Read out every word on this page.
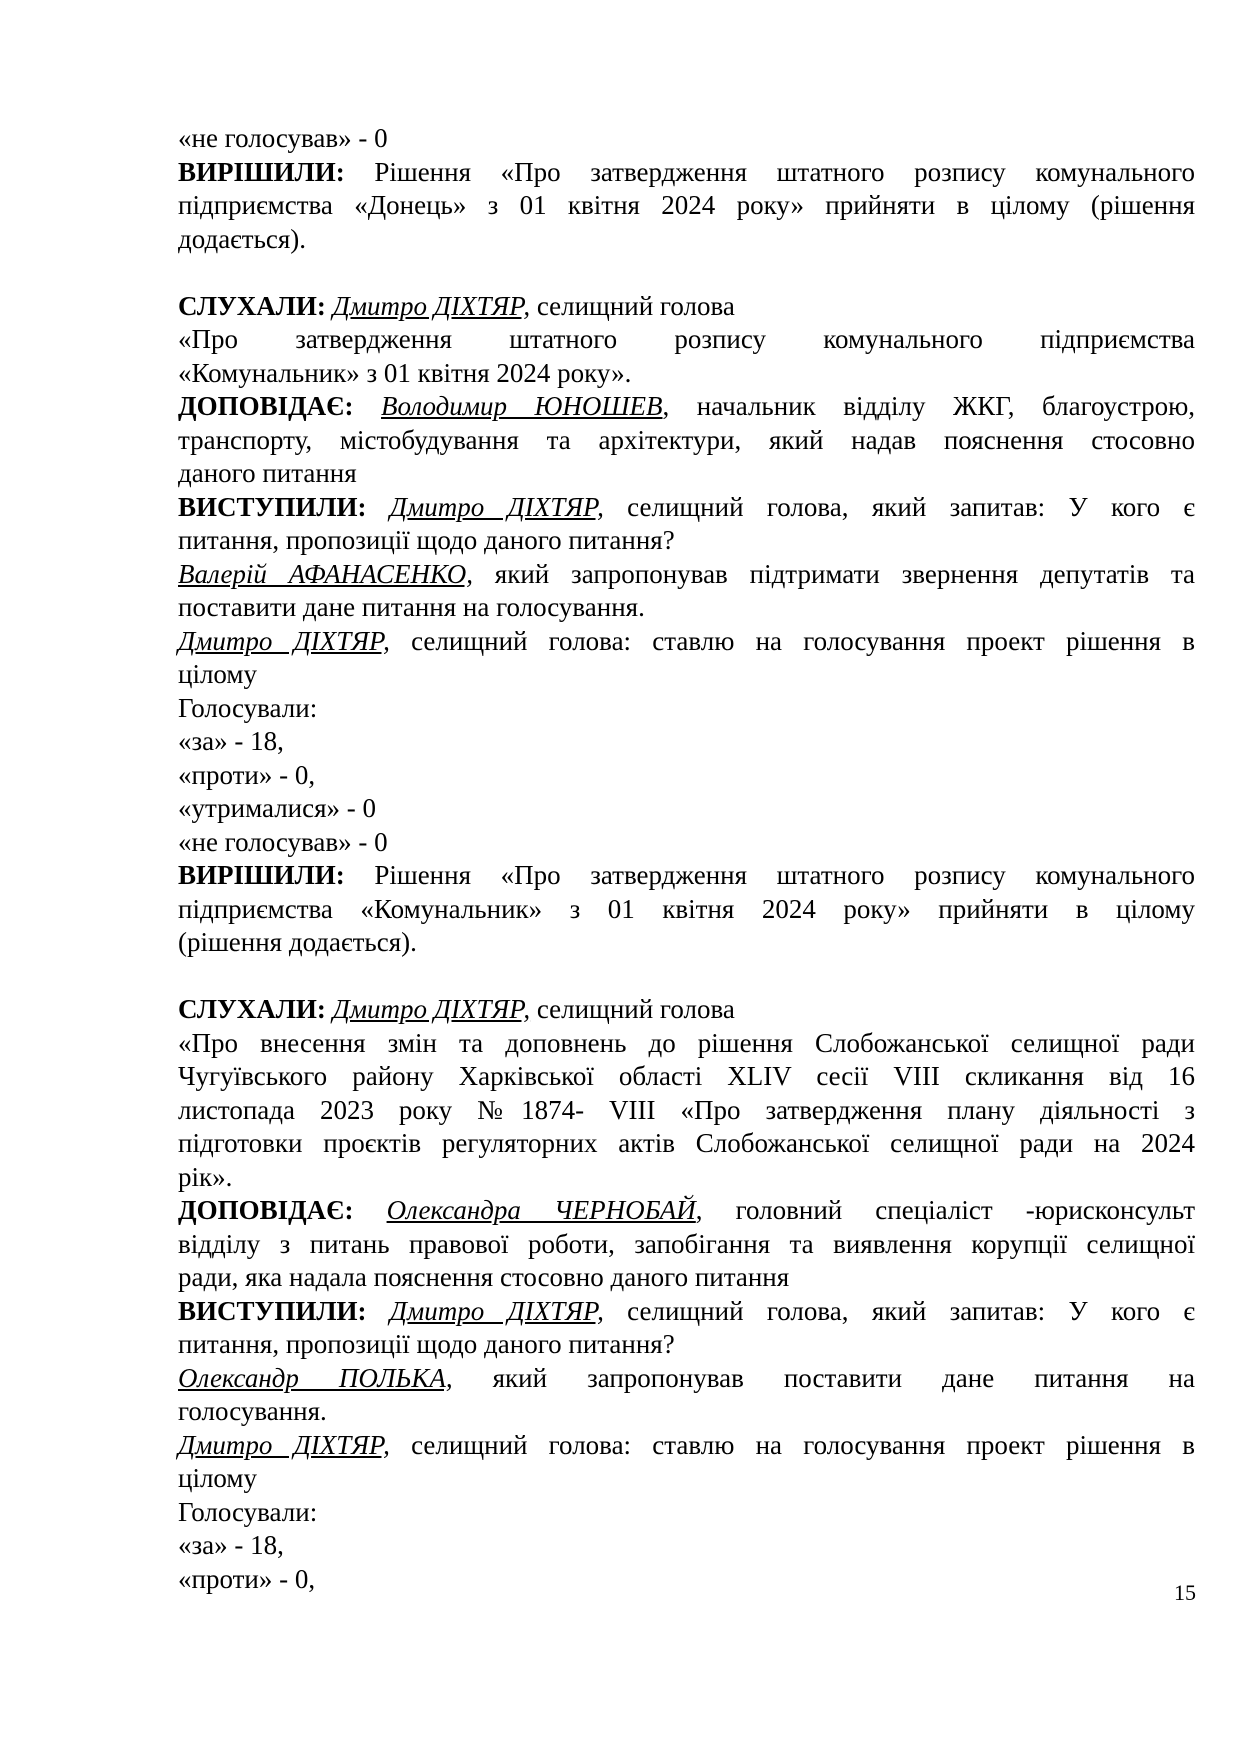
«не голосував» - 0
ВИРІШИЛИ: Рішення «Про затвердження штатного розпису комунального
підприємства «Донець» з 01 квітня 2024 року» прийняти в цілому (рішення
додається).
СЛУХАЛИ: Дмитро ДІХТЯР, селищний голова
«Про затвердження штатного розпису комунального підприємства
«Комунальник» з 01 квітня 2024 року».
ДОПОВІДАЄ: Володимир ЮНОШЕВ, начальник відділу ЖКГ, благоустрою,
транспорту, містобудування та архітектури, який надав пояснення стосовно
даного питання
ВИСТУПИЛИ: Дмитро ДІХТЯР, селищний голова, який запитав: У кого є
питання, пропозиції щодо даного питання?
Валерій АФАНАСЕНКО, який запропонував підтримати звернення депутатів та
поставити дане питання на голосування.
Дмитро ДІХТЯР, селищний голова: ставлю на голосування проект рішення в
цілому
Голосували:
«за» - 18,
«проти» - 0,
«утрималися» - 0
«не голосував» - 0
ВИРІШИЛИ: Рішення «Про затвердження штатного розпису комунального
підприємства «Комунальник» з 01 квітня 2024 року» прийняти в цілому
(рішення додається).
СЛУХАЛИ: Дмитро ДІХТЯР, селищний голова
«Про внесення змін та доповнень до рішення Слобожанської селищної ради
Чугуївського району Харківської області XLIV сесії VIII скликання від 16
листопада 2023 року №1874- VIII «Про затвердження плану діяльності з
підготовки проєктів регуляторних актів Слобожанської селищної ради на 2024
рік».
ДОПОВІДАЄ: Олександра ЧЕРНОБАЙ, головний спеціаліст -юрисконсульт
відділу з питань правової роботи, запобігання та виявлення корупції селищної
ради, яка надала пояснення стосовно даного питання
ВИСТУПИЛИ: Дмитро ДІХТЯР, селищний голова, який запитав: У кого є
питання, пропозиції щодо даного питання?
Олександр ПОЛЬКА, який запропонував поставити дане питання на
голосування.
Дмитро ДІХТЯР, селищний голова: ставлю на голосування проект рішення в
цілому
Голосували:
«за» - 18,
«проти» - 0,	15
